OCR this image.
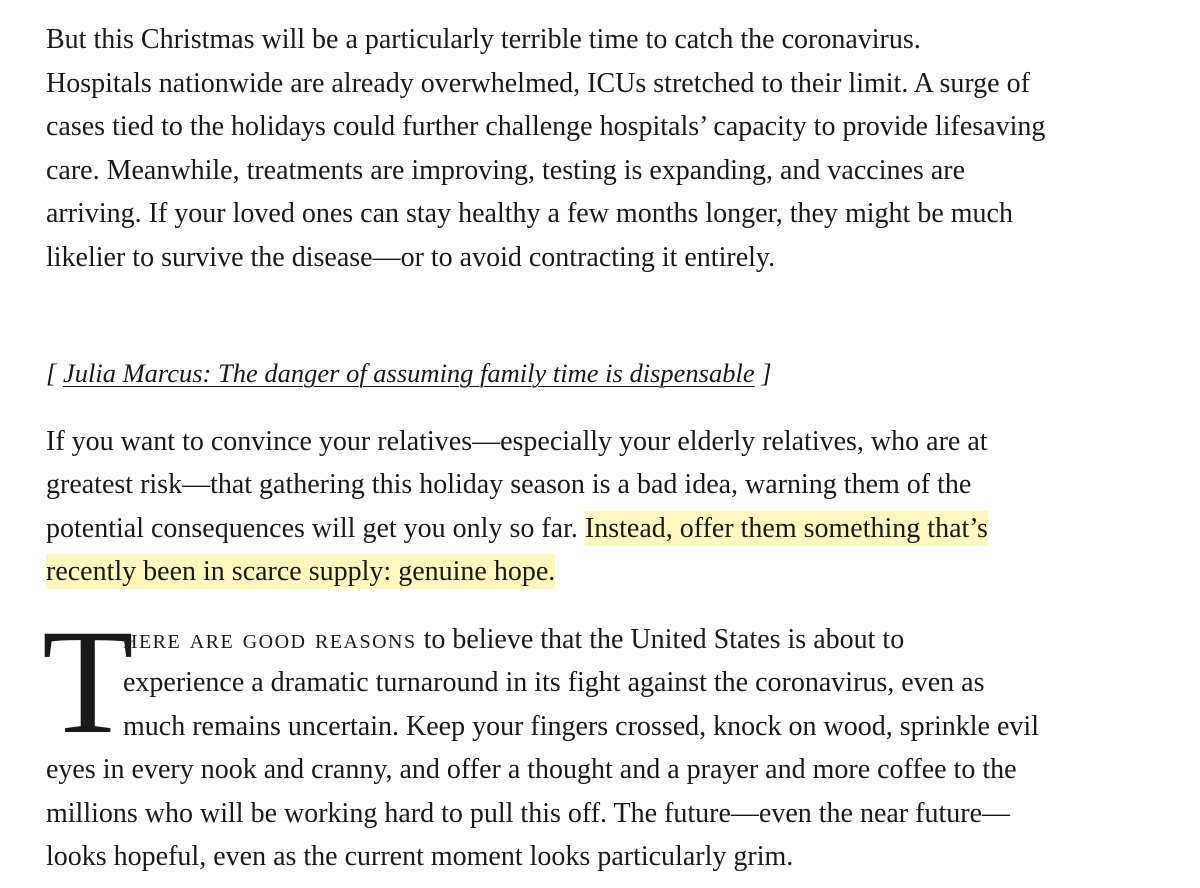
But this Christmas will be a particularly terrible time to catch the coronavirus.
Hospitals nationwide are already overwhelmed, ICUs stretched to their limit. A surge of
cases tied to the holidays could further challenge hospitals’ capacity to provide lifesaving
care. Meanwhile, treatments are improving, testing is expanding, and vaccines are
arriving. If your loved ones can stay healthy a few months longer, they might be much
likelier to survive the disease—or to avoid contracting it entirely.

[ Julia Marcus: The danger of assuming family time is dispensable ]

If you want to convince your relatives—especially your elderly relatives, who are at
greatest risk—that gathering this holiday season is a bad idea, warning them of the
potential consequences will get you only so far. Instead, offer them something that’s
recently been in scarce supply: genuine hope.

T
here are good reasons to believe that the United States is about to
experience a dramatic turnaround in its fight against the coronavirus, even as
much remains uncertain. Keep your fingers crossed, knock on wood, sprinkle evil
eyes in every nook and cranny, and offer a thought and a prayer and more coffee to the
millions who will be working hard to pull this off. The future—even the near future—
looks hopeful, even as the current moment looks particularly grim.
